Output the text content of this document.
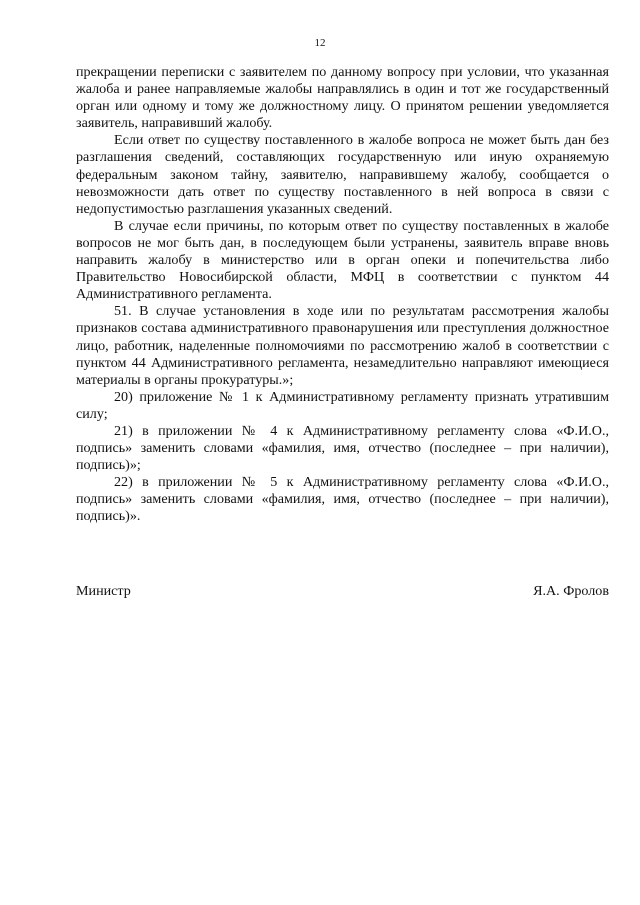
12

прекращении переписки с заявителем по данному вопросу при условии, что указанная жалоба и ранее направляемые жалобы направлялись в один и тот же государственный орган или одному и тому же должностному лицу. О принятом решении уведомляется заявитель, направивший жалобу.

Если ответ по существу поставленного в жалобе вопроса не может быть дан без разглашения сведений, составляющих государственную или иную охраняемую федеральным законом тайну, заявителю, направившему жалобу, сообщается о невозможности дать ответ по существу поставленного в ней вопроса в связи с недопустимостью разглашения указанных сведений.

В случае если причины, по которым ответ по существу поставленных в жалобе вопросов не мог быть дан, в последующем были устранены, заявитель вправе вновь направить жалобу в министерство или в орган опеки и попечительства либо Правительство Новосибирской области, МФЦ в соответствии с пунктом 44 Административного регламента.

51. В случае установления в ходе или по результатам рассмотрения жалобы признаков состава административного правонарушения или преступления должностное лицо, работник, наделенные полномочиями по рассмотрению жалоб в соответствии с пунктом 44 Административного регламента, незамедлительно направляют имеющиеся материалы в органы прокуратуры.»;

20) приложение № 1 к Административному регламенту признать утратившим силу;

21) в приложении № 4 к Административному регламенту слова «Ф.И.О., подпись» заменить словами «фамилия, имя, отчество (последнее – при наличии), подпись)»;

22) в приложении № 5 к Административному регламенту слова «Ф.И.О., подпись» заменить словами «фамилия, имя, отчество (последнее – при наличии), подпись)».

Министр	Я.А. Фролов
